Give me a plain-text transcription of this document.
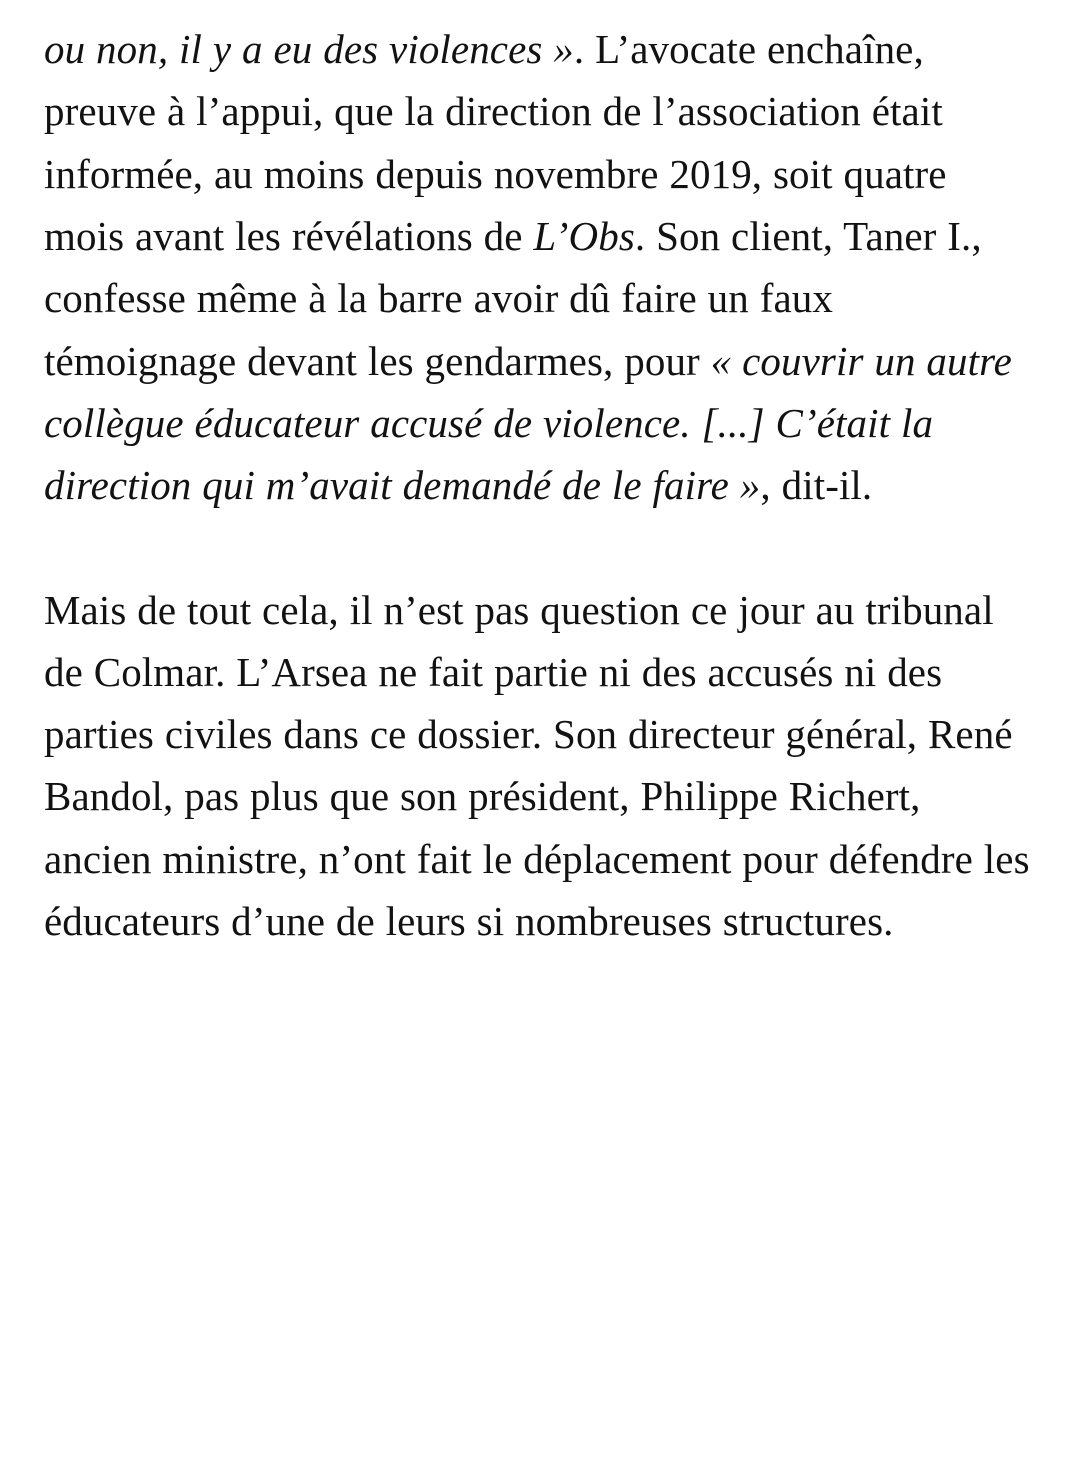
ou non, il y a eu des violences ». L’avocate enchaîne, preuve à l’appui, que la direction de l’association était informée, au moins depuis novembre 2019, soit quatre mois avant les révélations de L’Obs. Son client, Taner I., confesse même à la barre avoir dû faire un faux témoignage devant les gendarmes, pour « couvrir un autre collègue éducateur accusé de violence. [...] C’était la direction qui m’avait demandé de le faire », dit-il.

Mais de tout cela, il n’est pas question ce jour au tribunal de Colmar. L’Arsea ne fait partie ni des accusés ni des parties civiles dans ce dossier. Son directeur général, René Bandol, pas plus que son président, Philippe Richert, ancien ministre, n’ont fait le déplacement pour défendre les éducateurs d’une de leurs si nombreuses structures.
